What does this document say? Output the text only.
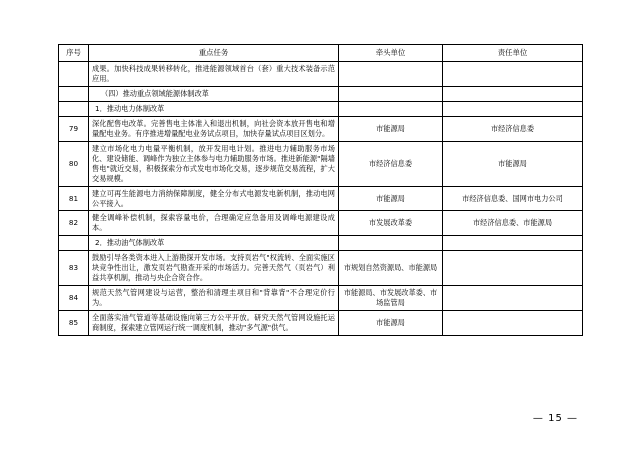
序号	重点任务	牵头单位	责任单位
	成果。加快科技成果转移转化，推进能源领域首台（套）重大技术装备示范应用。		
	（四）推动重点领域能源体制改革		
	1．推动电力体制改革		
79	深化配售电改革。完善售电主体准入和退出机制，向社会资本放开售电和增量配电业务。有序推进增量配电业务试点项目，加快存量试点项目区划分。	市能源局	市经济信息委
80	建立市场化电力电量平衡机制，放开发用电计划。推进电力辅助服务市场化、建设储能、调峰作为独立主体参与电力辅助服务市场。推进新能源"隔墙售电"就近交易，积极探索分布式发电市场化交易，逐步规范交易流程，扩大交易规模。	市经济信息委	市能源局
81	建立可再生能源电力消纳保障制度，健全分布式电源发电新机制，推动电网公平接入。	市能源局	市经济信息委、国网市电力公司
82	健全调峰补偿机制，探索容量电价，合理确定应急备用及调峰电源建设成本。	市发展改革委	市经济信息委、市能源局
	2．推动油气体制改革		
83	鼓励引导各类资本进入上游勘探开发市场。支持页岩气"权流转、全面实施区块竞争性出让，激发页岩气勘查开采的市场活力。完善天然气（页岩气）利益共享机制，推动与央企合资合作。	市规划自然资源局、市能源局	
84	规范天然气管网建设与运营，整治和清理圭项目和"背靠背"不合理定价行为。	市能源局、市发展改革委、市场监管局	
85	全面落实油气管道等基础设施向第三方公平开放。研究天然气管网设施托运商制度，探索建立管网运行统一调度机制，推动"多气源"供气。	市能源局	
— 15 —
